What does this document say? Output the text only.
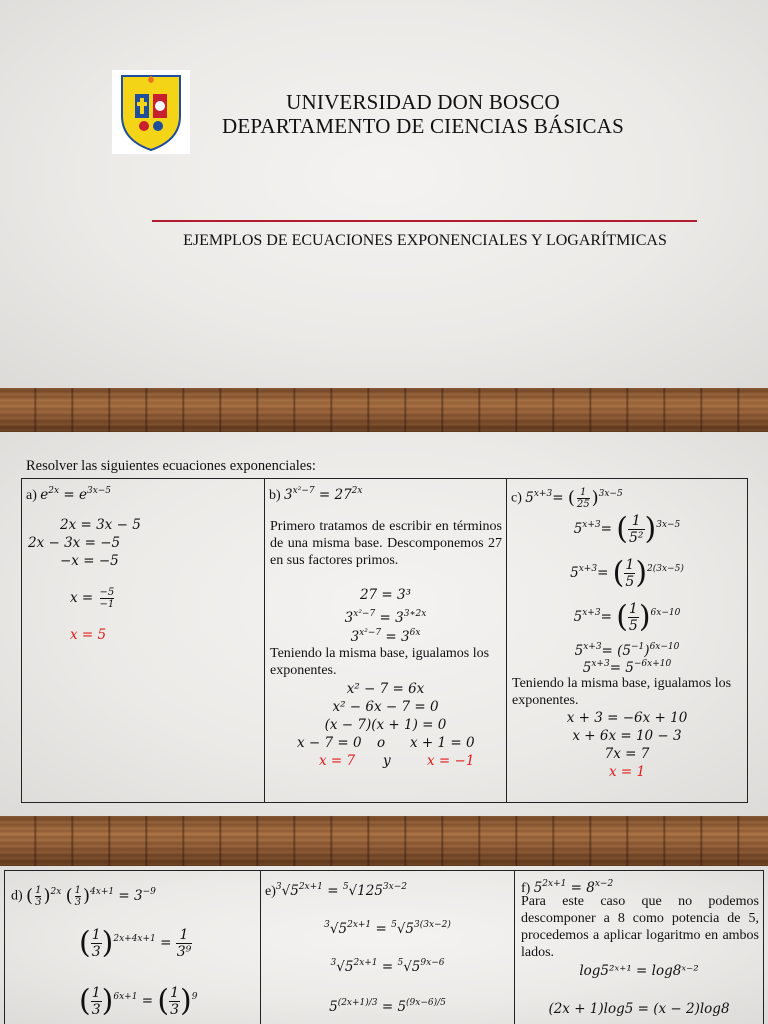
UNIVERSIDAD DON BOSCO
DEPARTAMENTO DE CIENCIAS BÁSICAS
EJEMPLOS DE ECUACIONES EXPONENCIALES Y LOGARÍTMICAS
Resolver las siguientes ecuaciones exponenciales:
a) $e^{2x} = e^{3x-5}$
2x = 3x − 5
2x − 3x = −5
−x = −5
$x = \frac{-5}{-1}$
x = 5
b) $3^{x^2-7} = 27^{2x}$
Primero tratamos de escribir en términos de una misma base. Descomponemos 27 en sus factores primos.
27 = 3³
$3^{x^2-7} = 3^{3∗2x}$
$3^{x^2-7} = 3^{6x}$
Teniendo la misma base, igualamos los exponentes.
x² − 7 = 6x
x² − 6x − 7 = 0
(x − 7)(x + 1) = 0
x − 7 = 0 o x + 1 = 0
x = 7 y	x = −1
c) $5^{x+3}=$ ( $\frac{1}{25} )^{3x-5}$
$5^{x+3}=$ ( $\frac{1}{\text{5²}} )^{3x-5}$
$5^{x+3}=$ ( $\frac{1}{5} )^{2(3x-5)}$
$5^{x+3}=$ ( $\frac{1}{5} )^{6x-10}$
$5^{x+3}= (5^{-1})^{6x-10}$
$5^{x+3}= 5^{-6x+10}$
Teniendo la misma base, igualamos los exponentes.
x + 3 = −6x + 10
x + 6x = 10 − 3
7x = 7
x = 1
d) ( $\frac{1}{3} )^{2x}$ ( $\frac{1}{3} )^{4x+1} = 3^{-9}$
( $\frac{1}{3} )^{2x+4x+1} = \frac{1}{\text{3⁹}}$
( $\frac{1}{3} )^{6x+1}$ = ( $\frac{1}{3} )^9$
$e)^3√5^{2x+1} = ^5√125^{3x-2}$
$^3√5^{2x+1} = ^5√5^{3(3x-2)}$
$^3√5^{2x+1} = ^5√5^{9x-6}$
$5^{(2x+1)/3} = 5^{(9x-6)/5}$
f) $5^{2x+1} = 8^{x-2}$
Para este caso que no podemos descomponer a 8 como potencia de 5, procedemos a aplicar logaritmo en ambos lados.
log5²ˣ⁺¹ = log8ˣ⁻²
(2x + 1)log5 = (x − 2)log8
